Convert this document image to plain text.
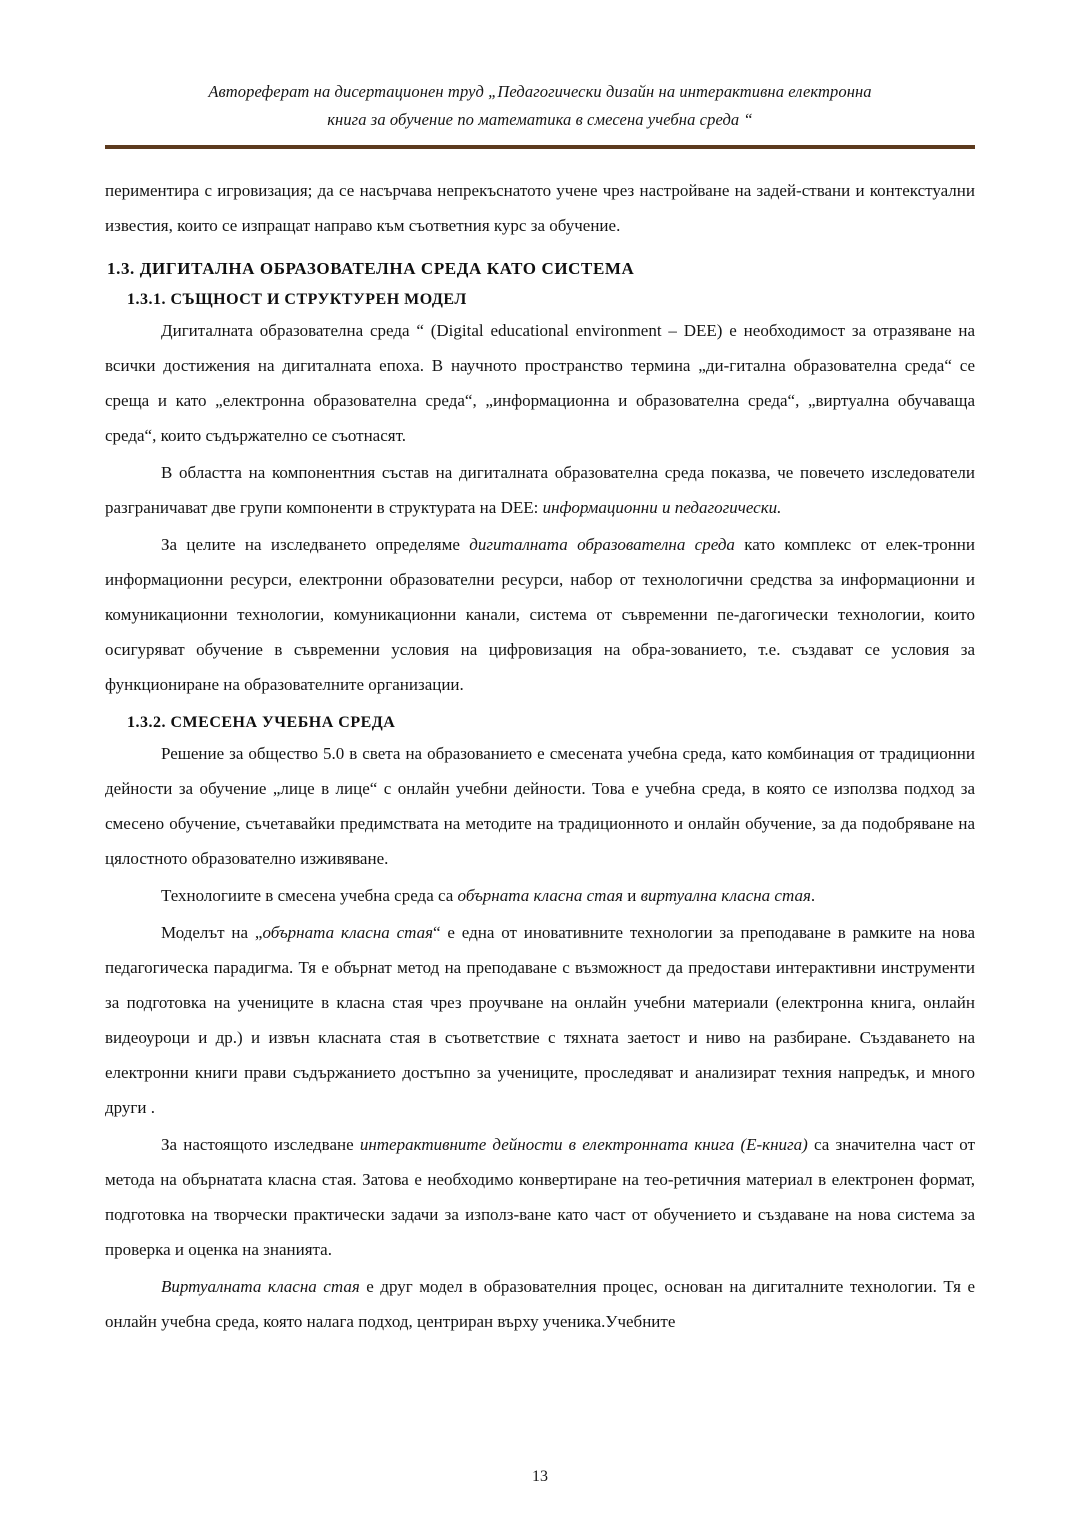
Автореферат на дисертационен труд „Педагогически дизайн на интерактивна електронна
книга за обучение по математика в смесена учебна среда “

периментира с игровизация; да се насърчава непрекъснатото учене чрез настройване на задей-ствани и контекстуални известия, които се изпращат направо към съответния курс за обучение.

1.3. ДИГИТАЛНА ОБРАЗОВАТЕЛНА СРЕДА КАТО СИСТЕМА
1.3.1. СЪЩНОСТ И СТРУКТУРЕН МОДЕЛ

Дигиталната образователна среда “ (Digital educational environment – DEE) е необходимост за отразяване на всички достижения на дигиталната епоха. В научното пространство термина „ди-гитална образователна среда“ се среща и като „електронна образователна среда“, „информационна и образователна среда“, „виртуална обучаваща среда“, които съдържателно се съотнасят.

В областта на компонентния състав на дигиталната образователна среда показва, че повечето изследователи разграничават две групи компоненти в структурата на DEE: информационни и педагогически.

За целите на изследването определяме дигиталната образователна среда като комплекс от елек-тронни информационни ресурси, електронни образователни ресурси, набор от технологични средства за информационни и комуникационни технологии, комуникационни канали, система от съвременни пе-дагогически технологии, които осигуряват обучение в съвременни условия на цифровизация на обра-зованието, т.е. създават се условия за функциониране на образователните организации.

1.3.2. СМЕСЕНА УЧЕБНА СРЕДА

Решение за общество 5.0 в света на образованието е смесената учебна среда, като комбинация от традиционни дейности за обучение „лице в лице“ с онлайн учебни дейности. Това е учебна среда, в която се използва подход за смесено обучение, съчетавайки предимствата на методите на традиционното и онлайн обучение, за да подобряване на цялостното образователно изживяване.

Технологиите в смесена учебна среда са обърната класна стая и виртуална класна стая.

Моделът на „обърната класна стая“ е една от иновативните технологии за преподаване в рамките на нова педагогическа парадигма. Тя е обърнат метод на преподаване с възможност да предостави интерактивни инструменти за подготовка на учениците в класна стая чрез проучване на онлайн учебни материали (електронна книга, онлайн видеоуроци и др.) и извън класната стая в съответствие с тяхната заетост и ниво на разбиране. Създаването на електронни книги прави съдържанието достъпно за учениците, проследяват и анализират техния напредък, и много други .

За настоящото изследване интерактивните дейности в електронната книга (Е-книга) са значителна част от метода на обърнатата класна стая. Затова е необходимо конвертиране на тео-ретичния материал в електронен формат, подготовка на творчески практически задачи за използ-ване като част от обучението и създаване на нова система за проверка и оценка на знанията.

Виртуалната класна стая е друг модел в образователния процес, основан на дигиталните технологии. Тя е онлайн учебна среда, която налага подход, центриран върху ученика.Учебните

13
